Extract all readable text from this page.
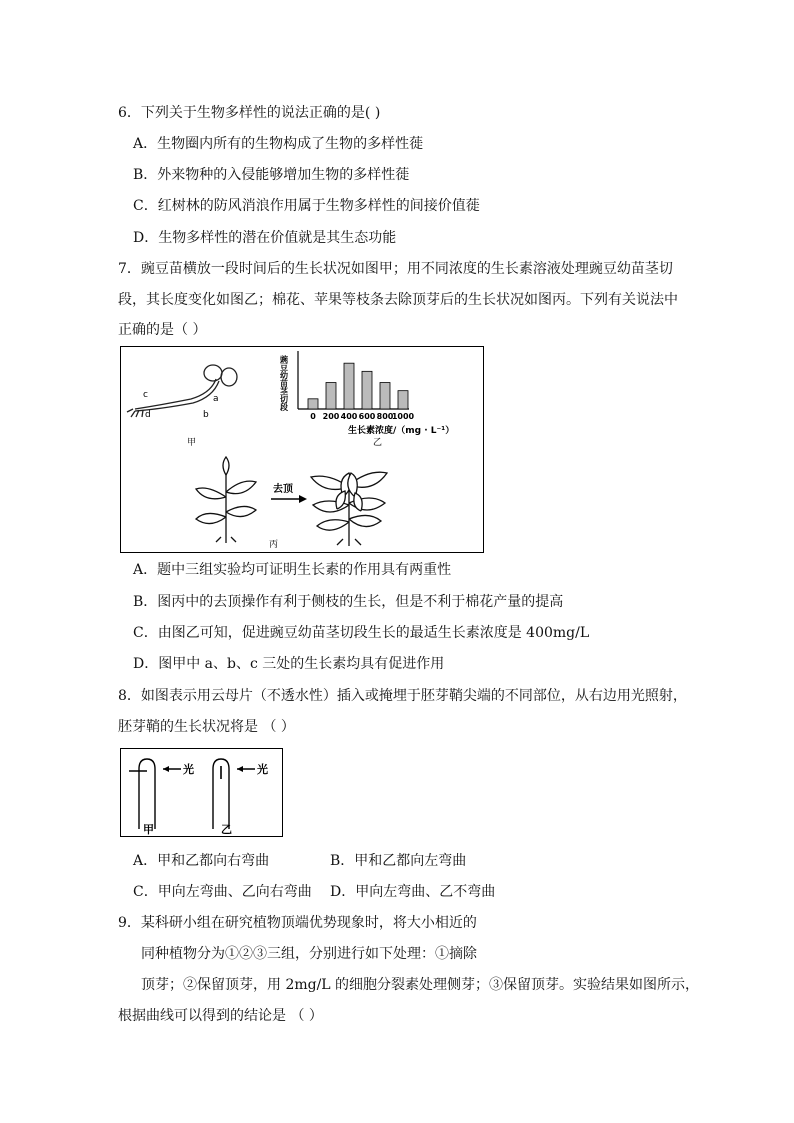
6．下列关于生物多样性的说法正确的是( )
A．生物圈内所有的生物构成了生物的多样性蓰
B．外来物种的入侵能够增加生物的多样性蓰
C．红树林的防风消浪作用属于生物多样性的间接价值蓰
D．生物多样性的潜在价值就是其生态功能
7．豌豆苗横放一段时间后的生长状况如图甲；用不同浓度的生长素溶液处理豌豆幼苗茎切
段，其长度变化如图乙；棉花、苹果等枝条去除顶芽后的生长状况如图丙。下列有关说法中
正确的是（ ）
c
d
a
b
甲
0 200 400 600 800
1000
豌豆幼苗茎切段
生长素浓度/（mg · L⁻¹）
乙
去顶
丙
A．题中三组实验均可证明生长素的作用具有两重性
B．图丙中的去顶操作有利于侧枝的生长，但是不利于棉花产量的提高
C．由图乙可知，促进豌豆幼苗茎切段生长的最适生长素浓度是 400mg/L
D．图甲中 a、b、c 三处的生长素均具有促进作用
8．如图表示用云母片（不透水性）插入或掩埋于胚芽鞘尖端的不同部位，从右边用光照射，
胚芽鞘的生长状况将是 （ ）
光	光
甲	乙
A．甲和乙都向右弯曲	B．甲和乙都向左弯曲
C．甲向左弯曲、乙向右弯曲 D．甲向左弯曲、乙不弯曲
9．某科研小组在研究植物顶端优势现象时，将大小相近的
同种植物分为①②③三组，分别进行如下处理：①摘除
顶芽；②保留顶芽，用 2mg/L 的细胞分裂素处理侧芽；③保留顶芽。实验结果如图所示，
根据曲线可以得到的结论是 （ ）
